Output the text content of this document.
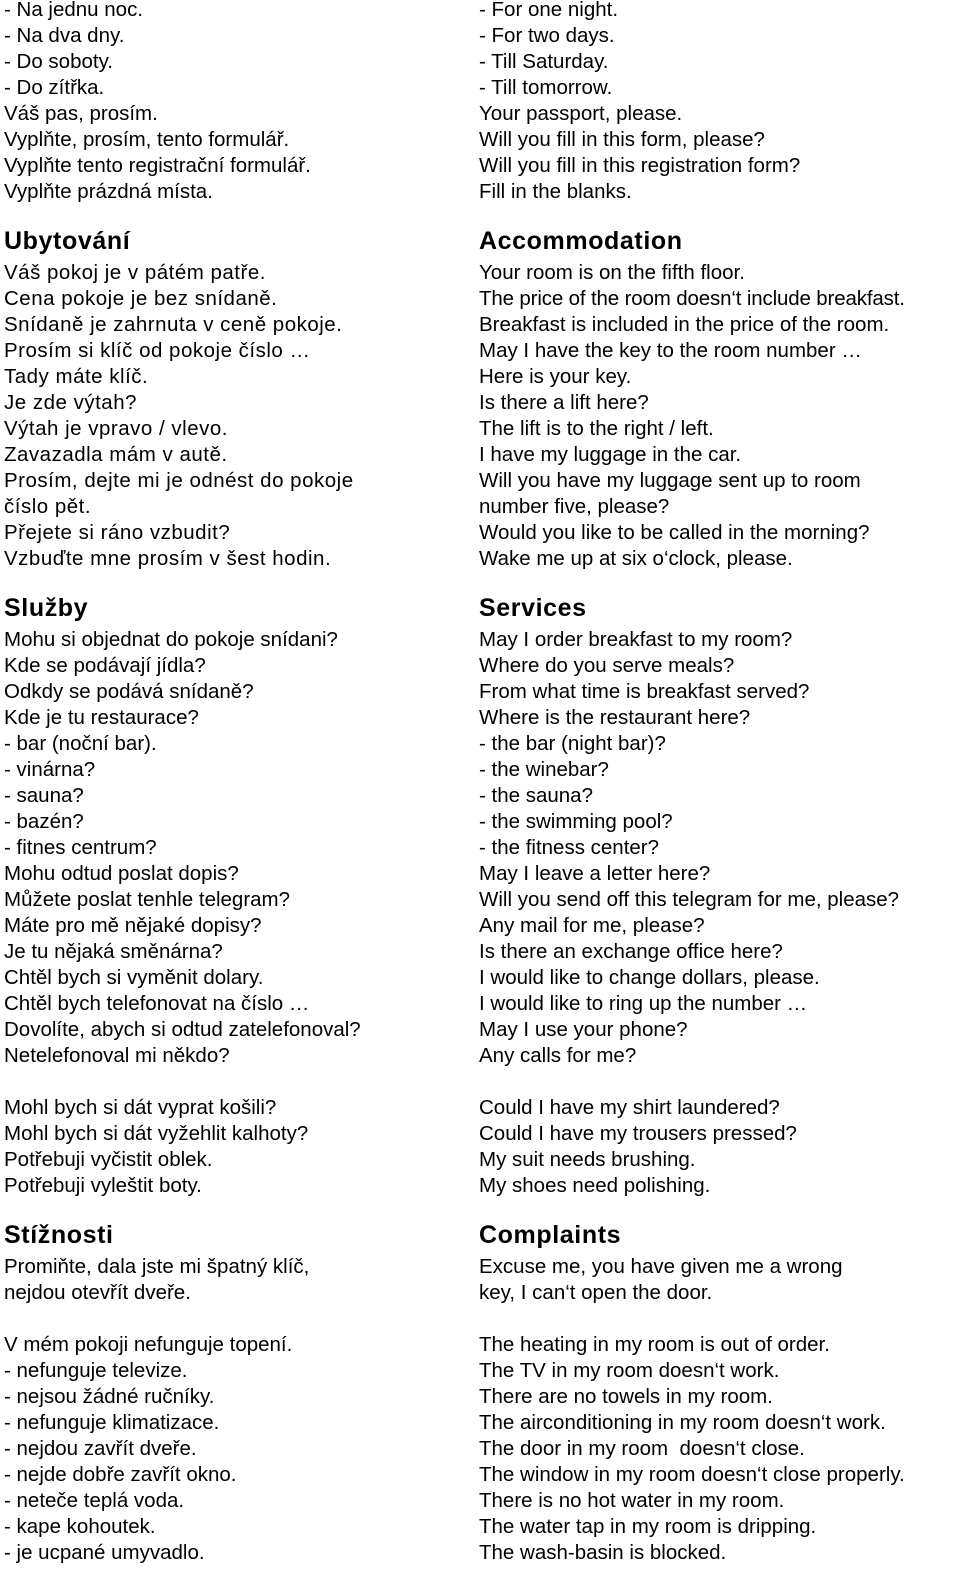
- Na jednu noc.
- Na dva dny.
- Do soboty.
- Do zítřka.
Váš pas, prosím.
Vyplňte, prosím, tento formulář.
Vyplňte tento registrační formulář.
Vyplňte prázdná místa.
Ubytování
Váš pokoj je v pátém patře.
Cena pokoje je bez snídaně.
Snídaně je zahrnuta v ceně pokoje.
Prosím si klíč od pokoje číslo …
Tady máte klíč.
Je zde výtah?
Výtah je vpravo / vlevo.
Zavazadla mám v autě.
Prosím, dejte mi je odnést do pokoje
číslo pět.
Přejete si ráno vzbudit?
Vzbuďte mne prosím v šest hodin.
Služby
Mohu si objednat do pokoje snídani?
Kde se podávají jídla?
Odkdy se podává snídaně?
Kde je tu restaurace?
- bar (noční bar).
- vinárna?
- sauna?
- bazén?
- fitnes centrum?
Mohu odtud poslat dopis?
Můžete poslat tenhle telegram?
Máte pro mě nějaké dopisy?
Je tu nějaká směnárna?
Chtěl bych si vyměnit dolary.
Chtěl bych telefonovat na číslo …
Dovolíte, abych si odtud zatelefonoval?
Netelefonoval mi někdo?
Mohl bych si dát vyprat košili?
Mohl bych si dát vyžehlit kalhoty?
Potřebuji vyčistit oblek.
Potřebuji vyleštit boty.
Stížnosti
Promiňte, dala jste mi špatný klíč,
nejdou otevřít dveře.
V mém pokoji nefunguje topení.
- nefunguje televize.
- nejsou žádné ručníky.
- nefunguje klimatizace.
- nejdou zavřít dveře.
- nejde dobře zavřít okno.
- neteče teplá voda.
- kape kohoutek.
- je ucpané umyvadlo.
- For one night.
- For two days.
- Till Saturday.
- Till tomorrow.
Your passport, please.
Will you fill in this form, please?
Will you fill in this registration form?
Fill in the blanks.
Accommodation
Your room is on the fifth floor.
The price of the room doesn‘t include breakfast.
Breakfast is included in the price of the room.
May I have the key to the room number …
Here is your key.
Is there a lift here?
The lift is to the right / left.
I have my luggage in the car.
Will you have my luggage sent up to room
number five, please?
Would you like to be called in the morning?
Wake me up at six o‘clock, please.
Services
May I order breakfast to my room?
Where do you serve meals?
From what time is breakfast served?
Where is the restaurant here?
- the bar (night bar)?
- the winebar?
- the sauna?
- the swimming pool?
- the fitness center?
May I leave a letter here?
Will you send off this telegram for me, please?
Any mail for me, please?
Is there an exchange office here?
I would like to change dollars, please.
I would like to ring up the number …
May I use your phone?
Any calls for me?
Could I have my shirt laundered?
Could I have my trousers pressed?
My suit needs brushing.
My shoes need polishing.
Complaints
Excuse me, you have given me a wrong
key, I can‘t open the door.
The heating in my room is out of order.
The TV in my room doesn‘t work.
There are no towels in my room.
The airconditioning in my room doesn‘t work.
The door in my room  doesn‘t close.
The window in my room doesn‘t close properly.
There is no hot water in my room.
The water tap in my room is dripping.
The wash-basin is blocked.
